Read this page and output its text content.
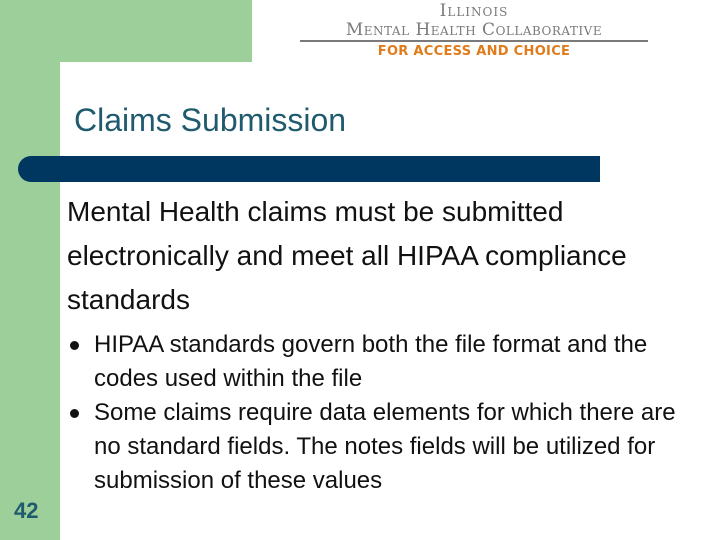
Illinois
Mental Health Collaborative
FOR ACCESS AND CHOICE
Claims Submission

Mental Health claims must be submitted electronically and meet all HIPAA compliance standards

HIPAA standards govern both the file format and the codes used within the file
Some claims require data elements for which there are no standard fields. The notes fields will be utilized for submission of these values
42
